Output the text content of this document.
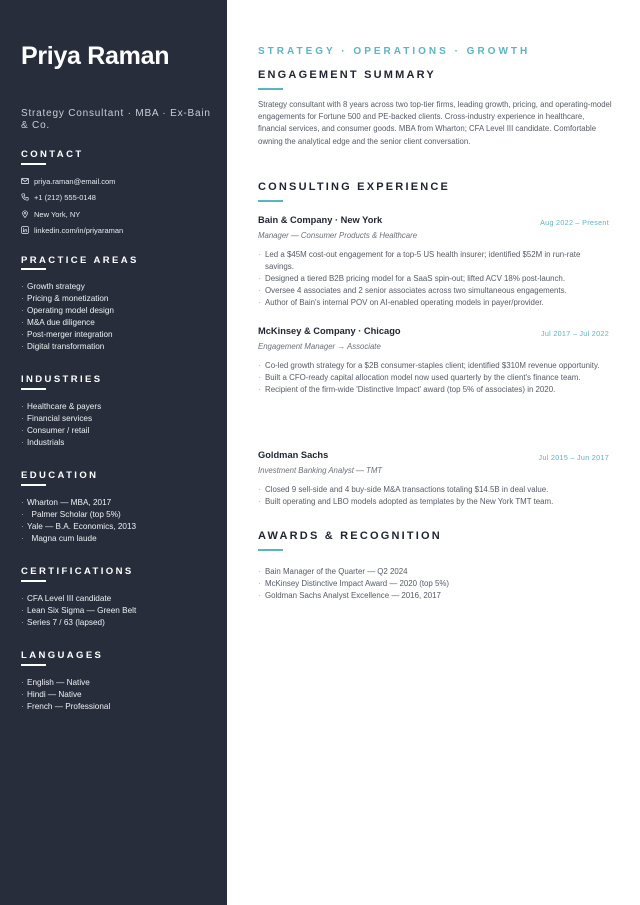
Priya Raman
Strategy Consultant · MBA · Ex-Bain & Co.
CONTACT
priya.raman@email.com
+1 (212) 555-0148
New York, NY
linkedin.com/in/priyaraman
PRACTICE AREAS
· Growth strategy
· Pricing & monetization
· Operating model design
· M&A due diligence
· Post-merger integration
· Digital transformation
INDUSTRIES
· Healthcare & payers
· Financial services
· Consumer / retail
· Industrials
EDUCATION
· Wharton — MBA, 2017
·  Palmer Scholar (top 5%)
· Yale — B.A. Economics, 2013
·  Magna cum laude
CERTIFICATIONS
· CFA Level III candidate
· Lean Six Sigma — Green Belt
· Series 7 / 63 (lapsed)
LANGUAGES
· English — Native
· Hindi — Native
· French — Professional
STRATEGY · OPERATIONS · GROWTH
ENGAGEMENT SUMMARY
Strategy consultant with 8 years across two top-tier firms, leading growth, pricing, and operating-model engagements for Fortune 500 and PE-backed clients. Cross-industry experience in healthcare, financial services, and consumer goods. MBA from Wharton; CFA Level III candidate. Comfortable owning the analytical edge and the senior client conversation.
CONSULTING EXPERIENCE
Bain & Company · New York	Aug 2022 – Present
Manager — Consumer Products & Healthcare
· Led a $45M cost-out engagement for a top-5 US health insurer; identified $52M in run-rate savings.
· Designed a tiered B2B pricing model for a SaaS spin-out; lifted ACV 18% post-launch.
· Oversee 4 associates and 2 senior associates across two simultaneous engagements.
· Author of Bain's internal POV on AI-enabled operating models in payer/provider.
McKinsey & Company · Chicago	Jul 2017 – Jul 2022
Engagement Manager → Associate
· Co-led growth strategy for a $2B consumer-staples client; identified $310M revenue opportunity.
· Built a CFO-ready capital allocation model now used quarterly by the client's finance team.
· Recipient of the firm-wide 'Distinctive Impact' award (top 5% of associates) in 2020.
Goldman Sachs	Jul 2015 – Jun 2017
Investment Banking Analyst — TMT
· Closed 9 sell-side and 4 buy-side M&A transactions totaling $14.5B in deal value.
· Built operating and LBO models adopted as templates by the New York TMT team.
AWARDS & RECOGNITION
· Bain Manager of the Quarter — Q2 2024
· McKinsey Distinctive Impact Award — 2020 (top 5%)
· Goldman Sachs Analyst Excellence — 2016, 2017
